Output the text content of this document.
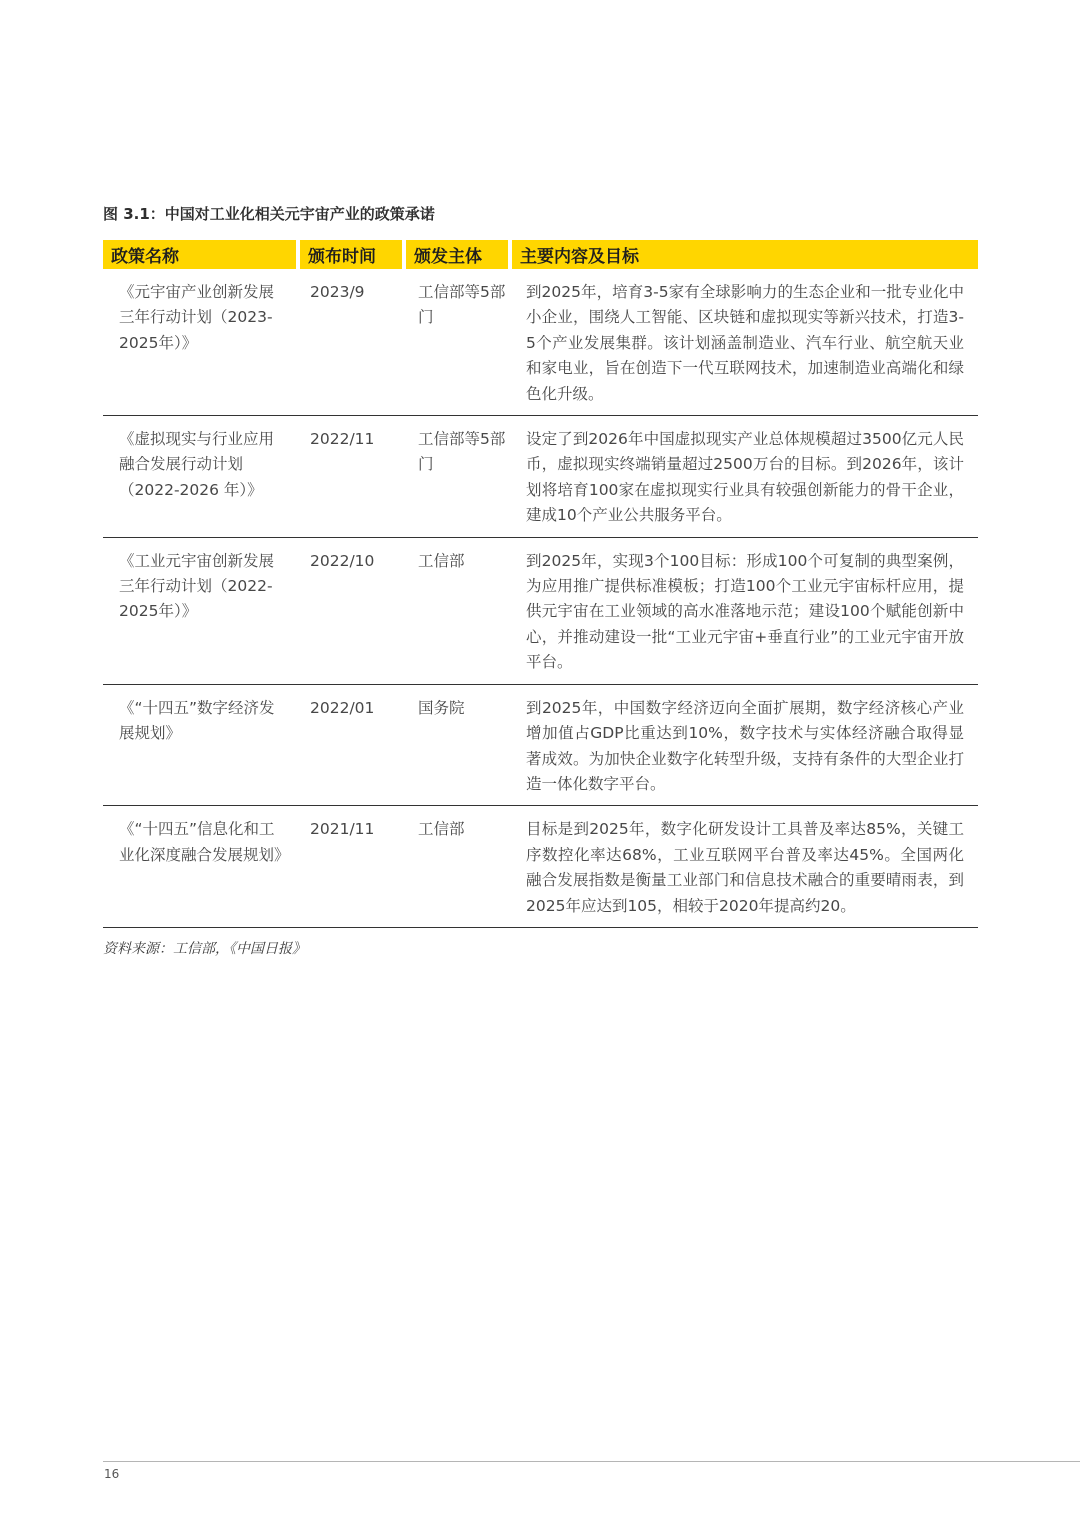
图 3.1：中国对工业化相关元宇宙产业的政策承诺
政策名称	颁布时间	颁发主体	主要内容及目标
《元宇宙产业创新发展三年行动计划（2023-2025年）》	2023/9	工信部等5部门	到2025年，培育3-5家有全球影响力的生态企业和一批专业化中小企业，围绕人工智能、区块链和虚拟现实等新兴技术，打造3-5个产业发展集群。该计划涵盖制造业、汽车行业、航空航天业和家电业，旨在创造下一代互联网技术，加速制造业高端化和绿色化升级。
《虚拟现实与行业应用融合发展行动计划（2022-2026 年）》	2022/11	工信部等5部门	设定了到2026年中国虚拟现实产业总体规模超过3500亿元人民币，虚拟现实终端销量超过2500万台的目标。到2026年，该计划将培育100家在虚拟现实行业具有较强创新能力的骨干企业，建成10个产业公共服务平台。
《工业元宇宙创新发展三年行动计划（2022-2025年）》	2022/10	工信部	到2025年，实现3个100目标：形成100个可复制的典型案例，为应用推广提供标准模板；打造100个工业元宇宙标杆应用，提供元宇宙在工业领域的高水准落地示范；建设100个赋能创新中心，并推动建设一批“工业元宇宙+垂直行业”的工业元宇宙开放平台。
《“十四五”数字经济发展规划》	2022/01	国务院	到2025年，中国数字经济迈向全面扩展期，数字经济核心产业增加值占GDP比重达到10%，数字技术与实体经济融合取得显著成效。为加快企业数字化转型升级，支持有条件的大型企业打造一体化数字平台。
《“十四五”信息化和工业化深度融合发展规划》	2021/11	工信部	目标是到2025年，数字化研发设计工具普及率达85%，关键工序数控化率达68%，工业互联网平台普及率达45%。全国两化融合发展指数是衡量工业部门和信息技术融合的重要晴雨表，到2025年应达到105，相较于2020年提高约20。
资料来源：工信部，《中国日报》
16
